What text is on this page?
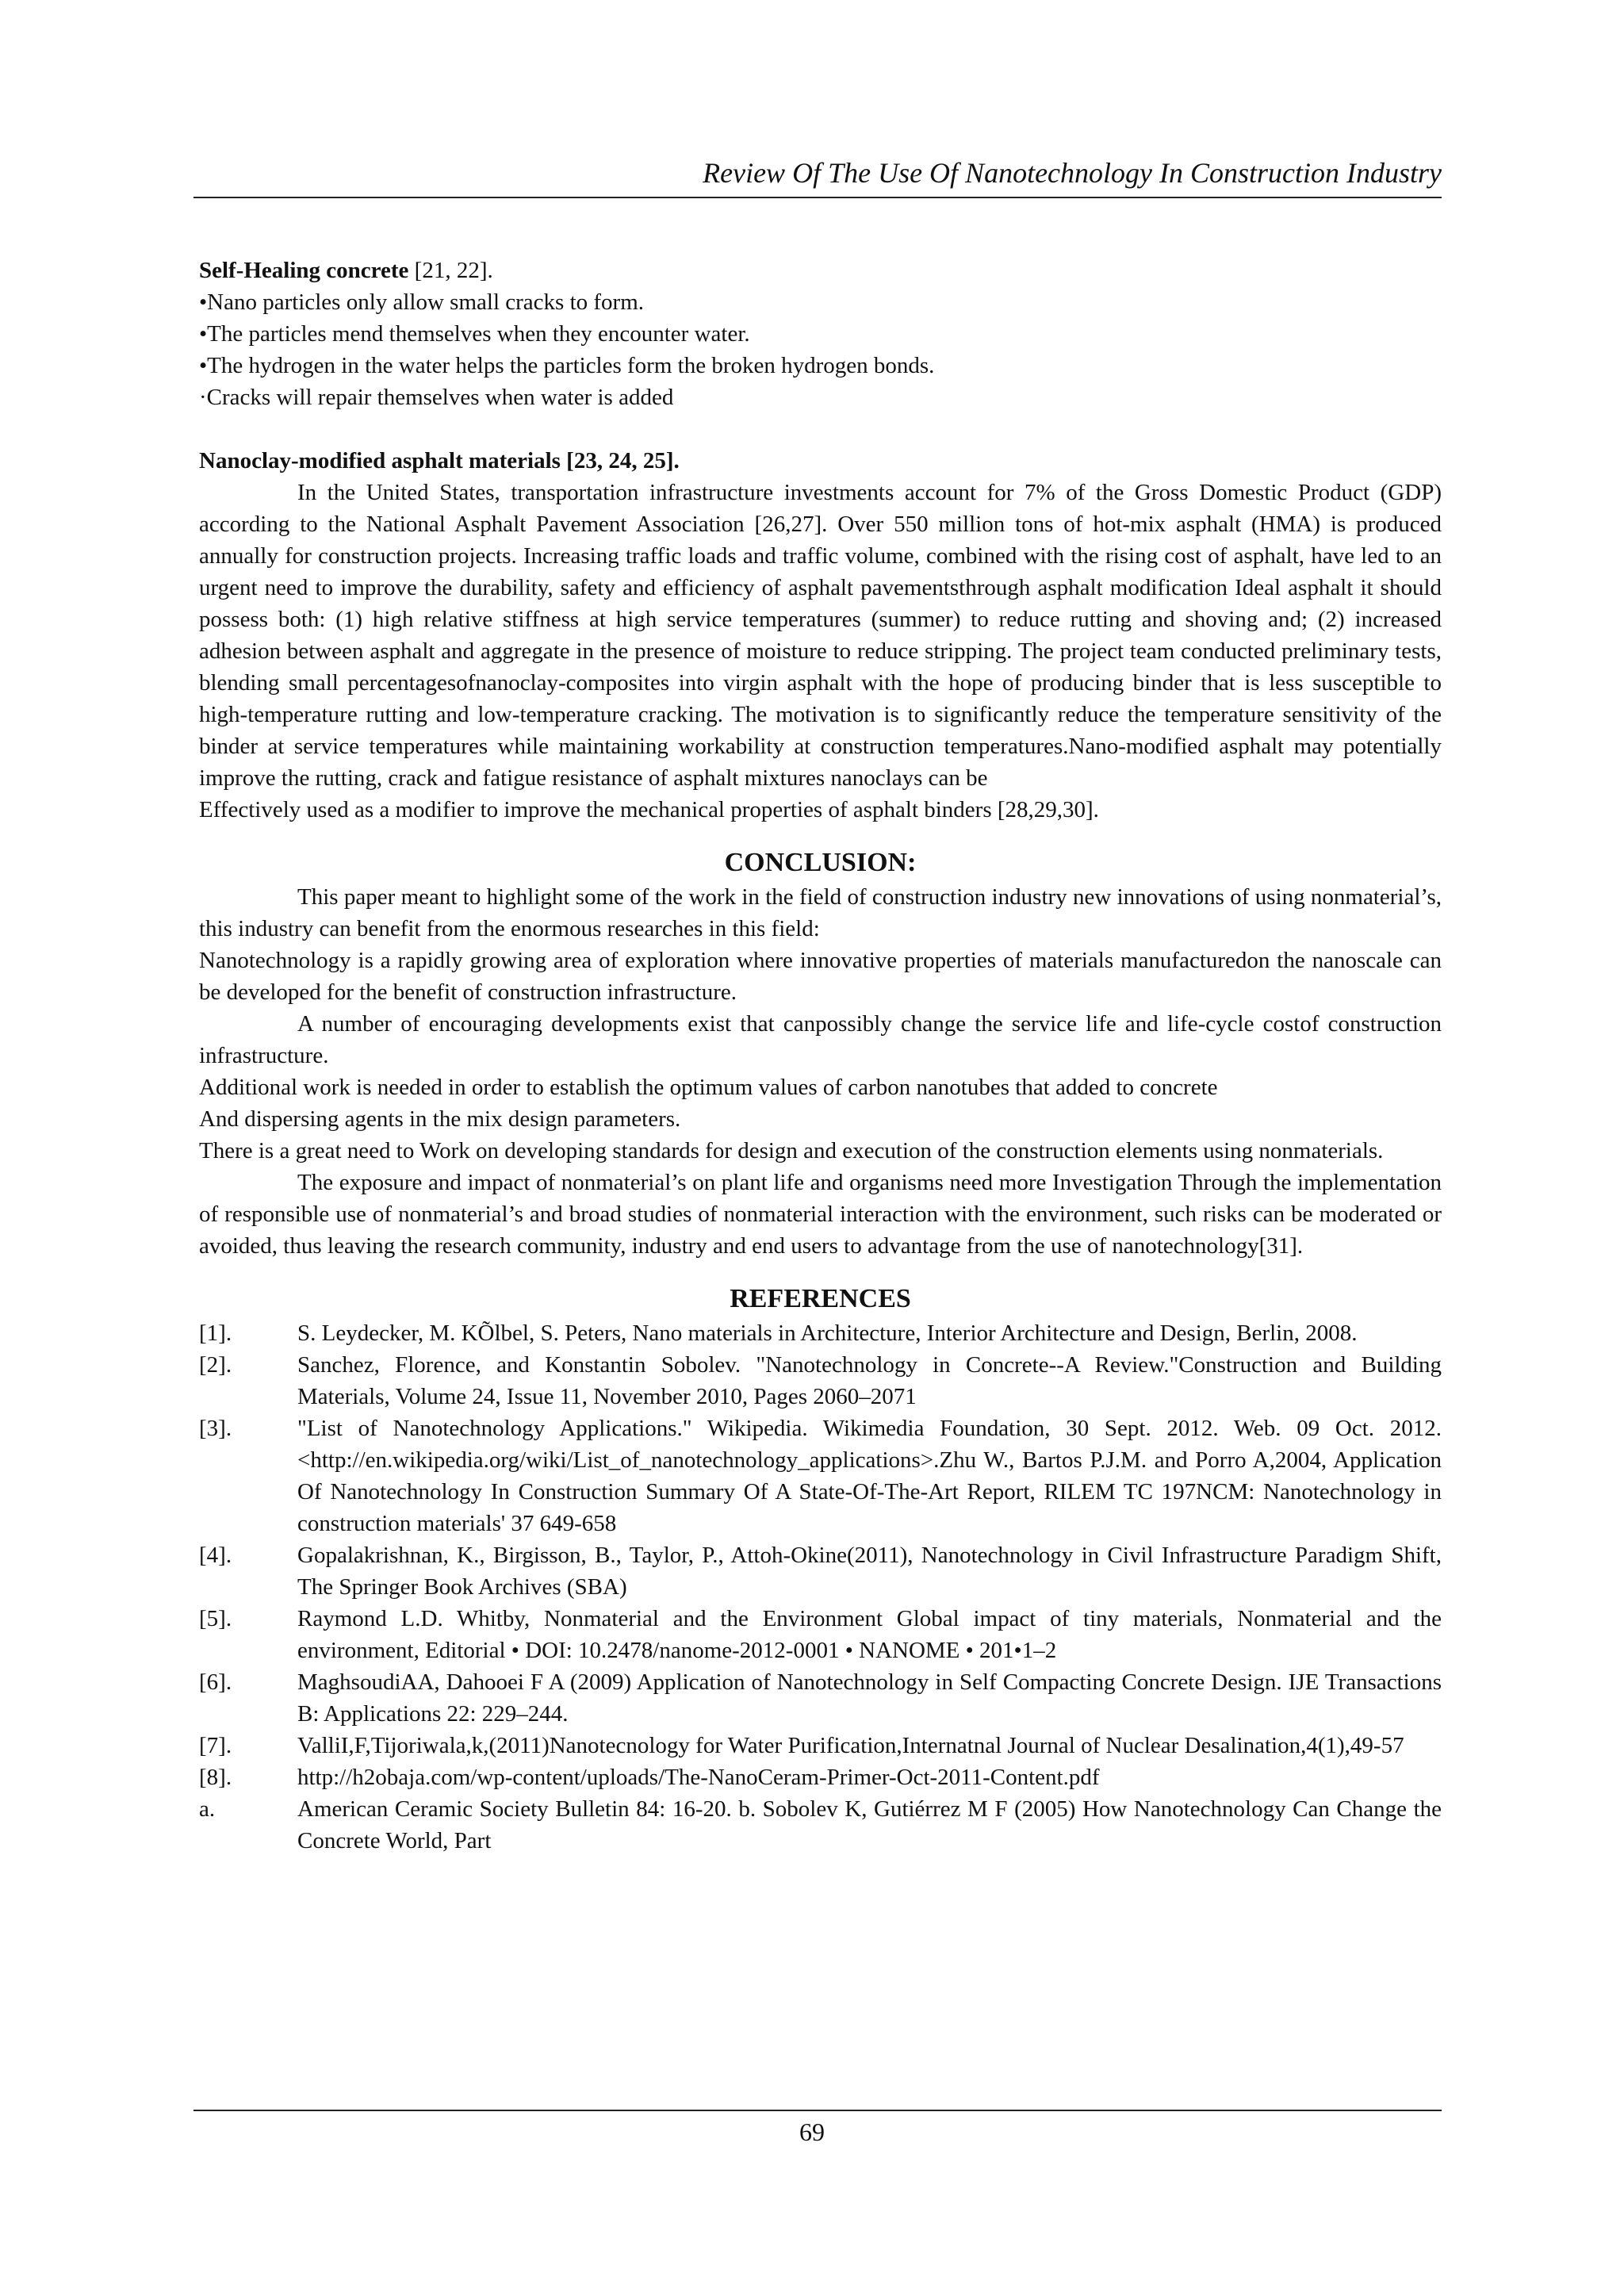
Review Of The Use Of Nanotechnology In Construction Industry

Self-Healing concrete [21, 22].

•Nano particles only allow small cracks to form.

•The particles mend themselves when they encounter water.

•The hydrogen in the water helps the particles form the broken hydrogen bonds.

·Cracks will repair themselves when water is added

Nanoclay-modified asphalt materials [23, 24, 25].

In the United States, transportation infrastructure investments account for 7% of the Gross Domestic Product (GDP) according to the National Asphalt Pavement Association [26,27]. Over 550 million tons of hot-mix asphalt (HMA) is produced annually for construction projects. Increasing traffic loads and traffic volume, combined with the rising cost of asphalt, have led to an urgent need to improve the durability, safety and efficiency of asphalt pavementsthrough asphalt modification Ideal asphalt it should possess both: (1) high relative stiffness at high service temperatures (summer) to reduce rutting and shoving and; (2) increased adhesion between asphalt and aggregate in the presence of moisture to reduce stripping. The project team conducted preliminary tests, blending small percentagesofnanoclay-composites into virgin asphalt with the hope of producing binder that is less susceptible to high-temperature rutting and low-temperature cracking. The motivation is to significantly reduce the temperature sensitivity of the binder at service temperatures while maintaining workability at construction temperatures.Nano-modified asphalt may potentially improve the rutting, crack and fatigue resistance of asphalt mixtures nanoclays can be

Effectively used as a modifier to improve the mechanical properties of asphalt binders [28,29,30].

CONCLUSION:

This paper meant to highlight some of the work in the field of construction industry new innovations of using nonmaterial’s, this industry can benefit from the enormous researches in this field:

Nanotechnology is a rapidly growing area of exploration where innovative properties of materials manufacturedon the nanoscale can be developed for the benefit of construction infrastructure.

A number of encouraging developments exist that canpossibly change the service life and life-cycle costof construction infrastructure.

Additional work is needed in order to establish the optimum values of carbon nanotubes that added to concrete

And dispersing agents in the mix design parameters.

There is a great need to Work on developing standards for design and execution of the construction elements using nonmaterials.

The exposure and impact of nonmaterial’s on plant life and organisms need more Investigation Through the implementation of responsible use of nonmaterial’s and broad studies of nonmaterial interaction with the environment, such risks can be moderated or avoided, thus leaving the research community, industry and end users to advantage from the use of nanotechnology[31].

REFERENCES
[1].	S. Leydecker, M. KÕlbel, S. Peters, Nano materials in Architecture, Interior Architecture and Design, Berlin, 2008.
[2].	Sanchez, Florence, and Konstantin Sobolev. "Nanotechnology in Concrete--A Review."Construction and Building Materials, Volume 24, Issue 11, November 2010, Pages 2060–2071
[3].	"List of Nanotechnology Applications." Wikipedia. Wikimedia Foundation, 30 Sept. 2012. Web. 09 Oct. 2012. <http://en.wikipedia.org/wiki/List_of_nanotechnology_applications>.Zhu W., Bartos P.J.M. and Porro A,2004, Application Of Nanotechnology In Construction Summary Of A State-Of-The-Art Report, RILEM TC 197NCM: Nanotechnology in construction materials' 37 649-658
[4].	Gopalakrishnan, K., Birgisson, B., Taylor, P., Attoh-Okine(2011), Nanotechnology in Civil Infrastructure Paradigm Shift, The Springer Book Archives (SBA)
[5].	Raymond L.D. Whitby, Nonmaterial and the Environment Global impact of tiny materials, Nonmaterial and the environment, Editorial • DOI: 10.2478/nanome-2012-0001 • NANOME • 201•1–2
[6].	MaghsoudiAA, Dahooei F A (2009) Application of Nanotechnology in Self Compacting Concrete Design. IJE Transactions B: Applications 22: 229–244.
[7].	ValliI,F,Tijoriwala,k,(2011)Nanotecnology for Water Purification,Internatnal Journal of Nuclear Desalination,4(1),49-57
[8].	http://h2obaja.com/wp-content/uploads/The-NanoCeram-Primer-Oct-2011-Content.pdf
a.	American Ceramic Society Bulletin 84: 16-20. b. Sobolev K, Gutiérrez M F (2005) How Nanotechnology Can Change the Concrete World, Part
69
